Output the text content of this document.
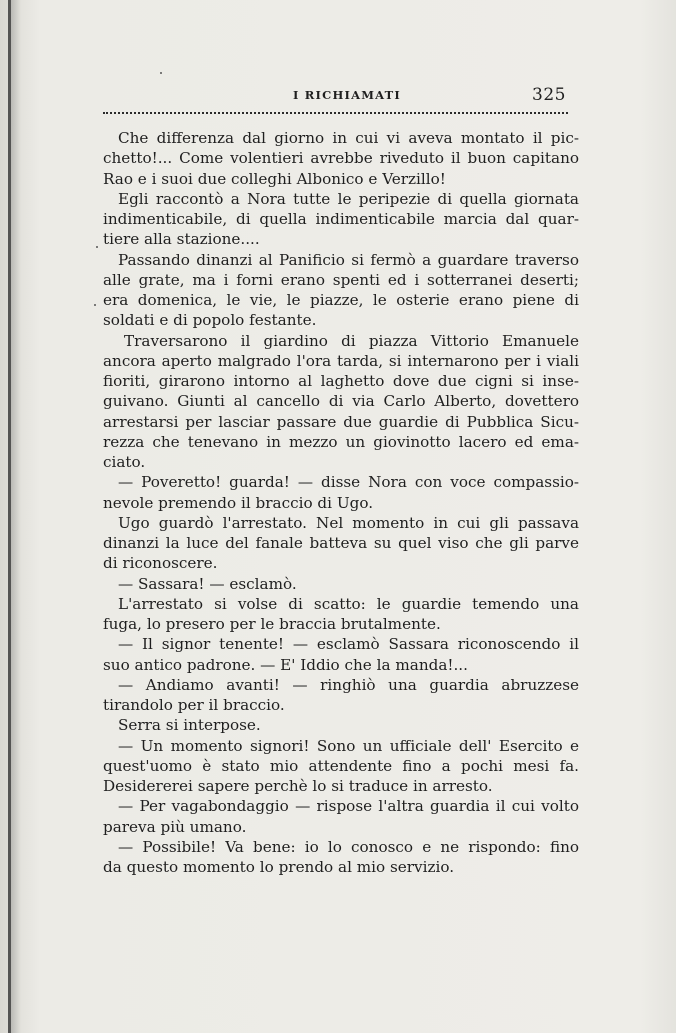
I RICHIAMATI	325
Che differenza dal giorno in cui vi aveva montato il pic-
chetto!... Come volentieri avrebbe riveduto il buon capitano
Rao e i suoi due colleghi Albonico e Verzillo!
Egli raccontò a Nora tutte le peripezie di quella giornata
indimenticabile, di quella indimenticabile marcia dal quar-
tiere alla stazione....
Passando dinanzi al Panificio si fermò a guardare traverso
alle grate, ma i forni erano spenti ed i sotterranei deserti;
era domenica, le vie, le piazze, le osterie erano piene di
soldati e di popolo festante.
Traversarono il giardino di piazza Vittorio Emanuele
ancora aperto malgrado l'ora tarda, si internarono per i viali
fioriti, girarono intorno al laghetto dove due cigni si inse-
guivano. Giunti al cancello di via Carlo Alberto, dovettero
arrestarsi per lasciar passare due guardie di Pubblica Sicu-
rezza che tenevano in mezzo un giovinotto lacero ed ema-
ciato.
— Poveretto! guarda! — disse Nora con voce compassio-
nevole premendo il braccio di Ugo.
Ugo guardò l'arrestato. Nel momento in cui gli passava
dinanzi la luce del fanale batteva su quel viso che gli parve
di riconoscere.
— Sassara! — esclamò.
L'arrestato si volse di scatto: le guardie temendo una
fuga, lo presero per le braccia brutalmente.
— Il signor tenente! — esclamò Sassara riconoscendo il
suo antico padrone. — E' Iddio che la manda!...
— Andiamo avanti! — ringhiò una guardia abruzzese
tirandolo per il braccio.
Serra si interpose.
— Un momento signori! Sono un ufficiale dell' Esercito e
quest'uomo è stato mio attendente fino a pochi mesi fa.
Desidererei sapere perchè lo si traduce in arresto.
— Per vagabondaggio — rispose l'altra guardia il cui volto
pareva più umano.
— Possibile! Va bene: io lo conosco e ne rispondo: fino
da questo momento lo prendo al mio servizio.
